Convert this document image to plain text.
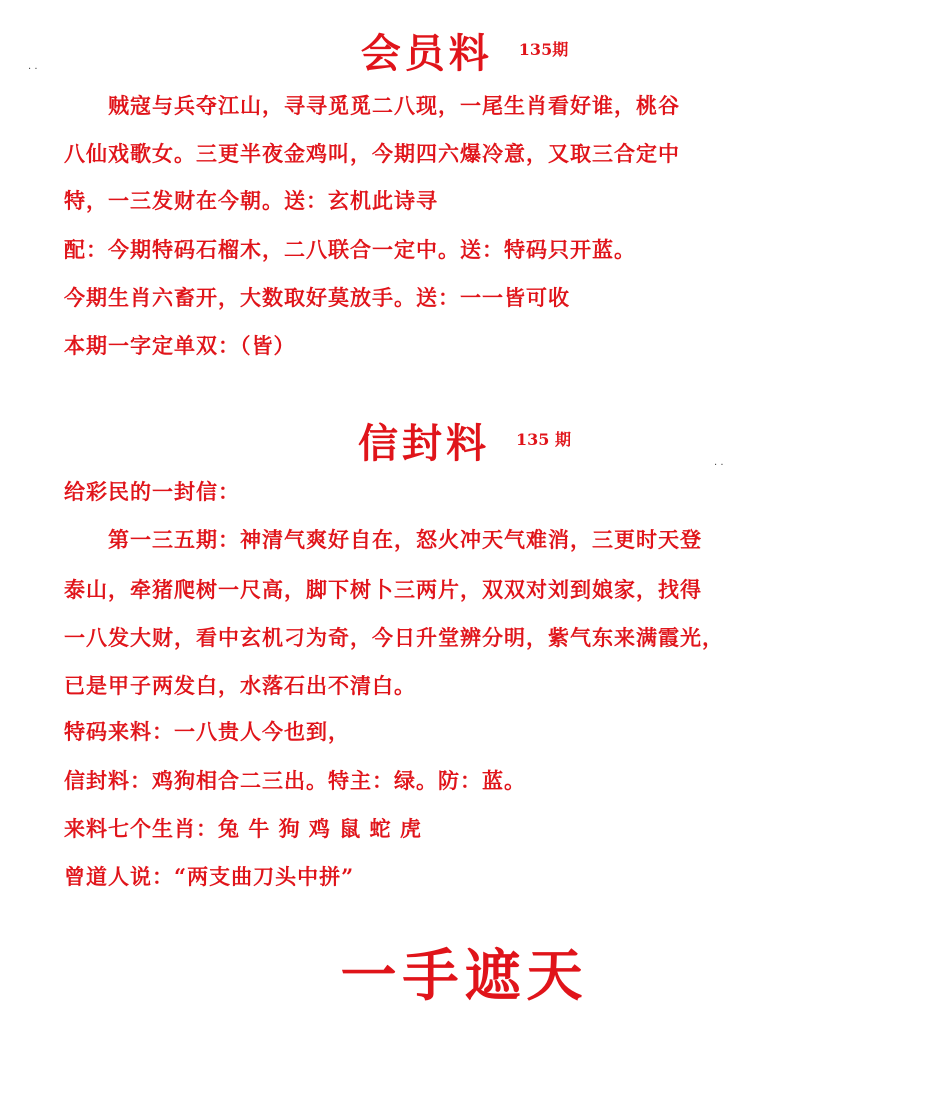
· ·
· ·
会员料 135期
贼寇与兵夺江山，寻寻觅觅二八现，一尾生肖看好谁，桃谷
八仙戏歌女。三更半夜金鸡叫，今期四六爆冷意，又取三合定中
特，一三发财在今朝。送：玄机此诗寻
配：今期特码石榴木，二八联合一定中。送：特码只开蓝。
今期生肖六畜开，大数取好莫放手。送：一一皆可收
本期一字定单双：（皆）
信封料 135 期
给彩民的一封信：
第一三五期：神清气爽好自在，怒火冲天气难消，三更时天登
泰山，牵猪爬树一尺高，脚下树卜三两片，双双对刘到娘家，找得
一八发大财，看中玄机刁为奇，今日升堂辨分明，紫气东来满霞光，
已是甲子两发白，水落石出不清白。
特码来料：一八贵人今也到，
信封料：鸡狗相合二三出。特主：绿。防：蓝。
来料七个生肖：兔 牛 狗 鸡 鼠 蛇 虎
曾道人说：“两支曲刀头中拼”
一手遮天
